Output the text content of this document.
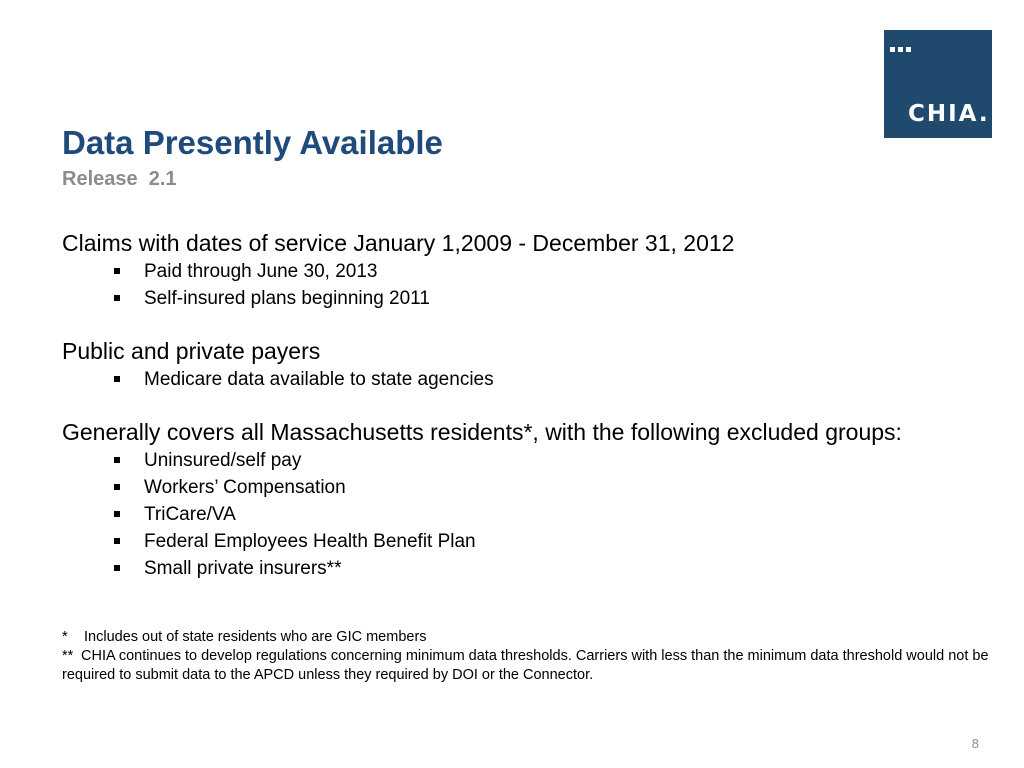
CHIA.
Data Presently Available
Release  2.1
Claims with dates of service January 1,2009 - December 31, 2012
Paid through June 30, 2013
Self-insured plans beginning 2011
Public and private payers
Medicare data available to state agencies
Generally covers all Massachusetts residents*, with the following excluded groups:
Uninsured/self pay
Workers’ Compensation
TriCare/VA
Federal Employees Health Benefit Plan
Small private insurers**
* Includes out of state residents who are GIC members
** CHIA continues to develop regulations concerning minimum data thresholds. Carriers with less than the minimum data threshold would not be required to submit data to the APCD unless they required by DOI or the Connector.
8
